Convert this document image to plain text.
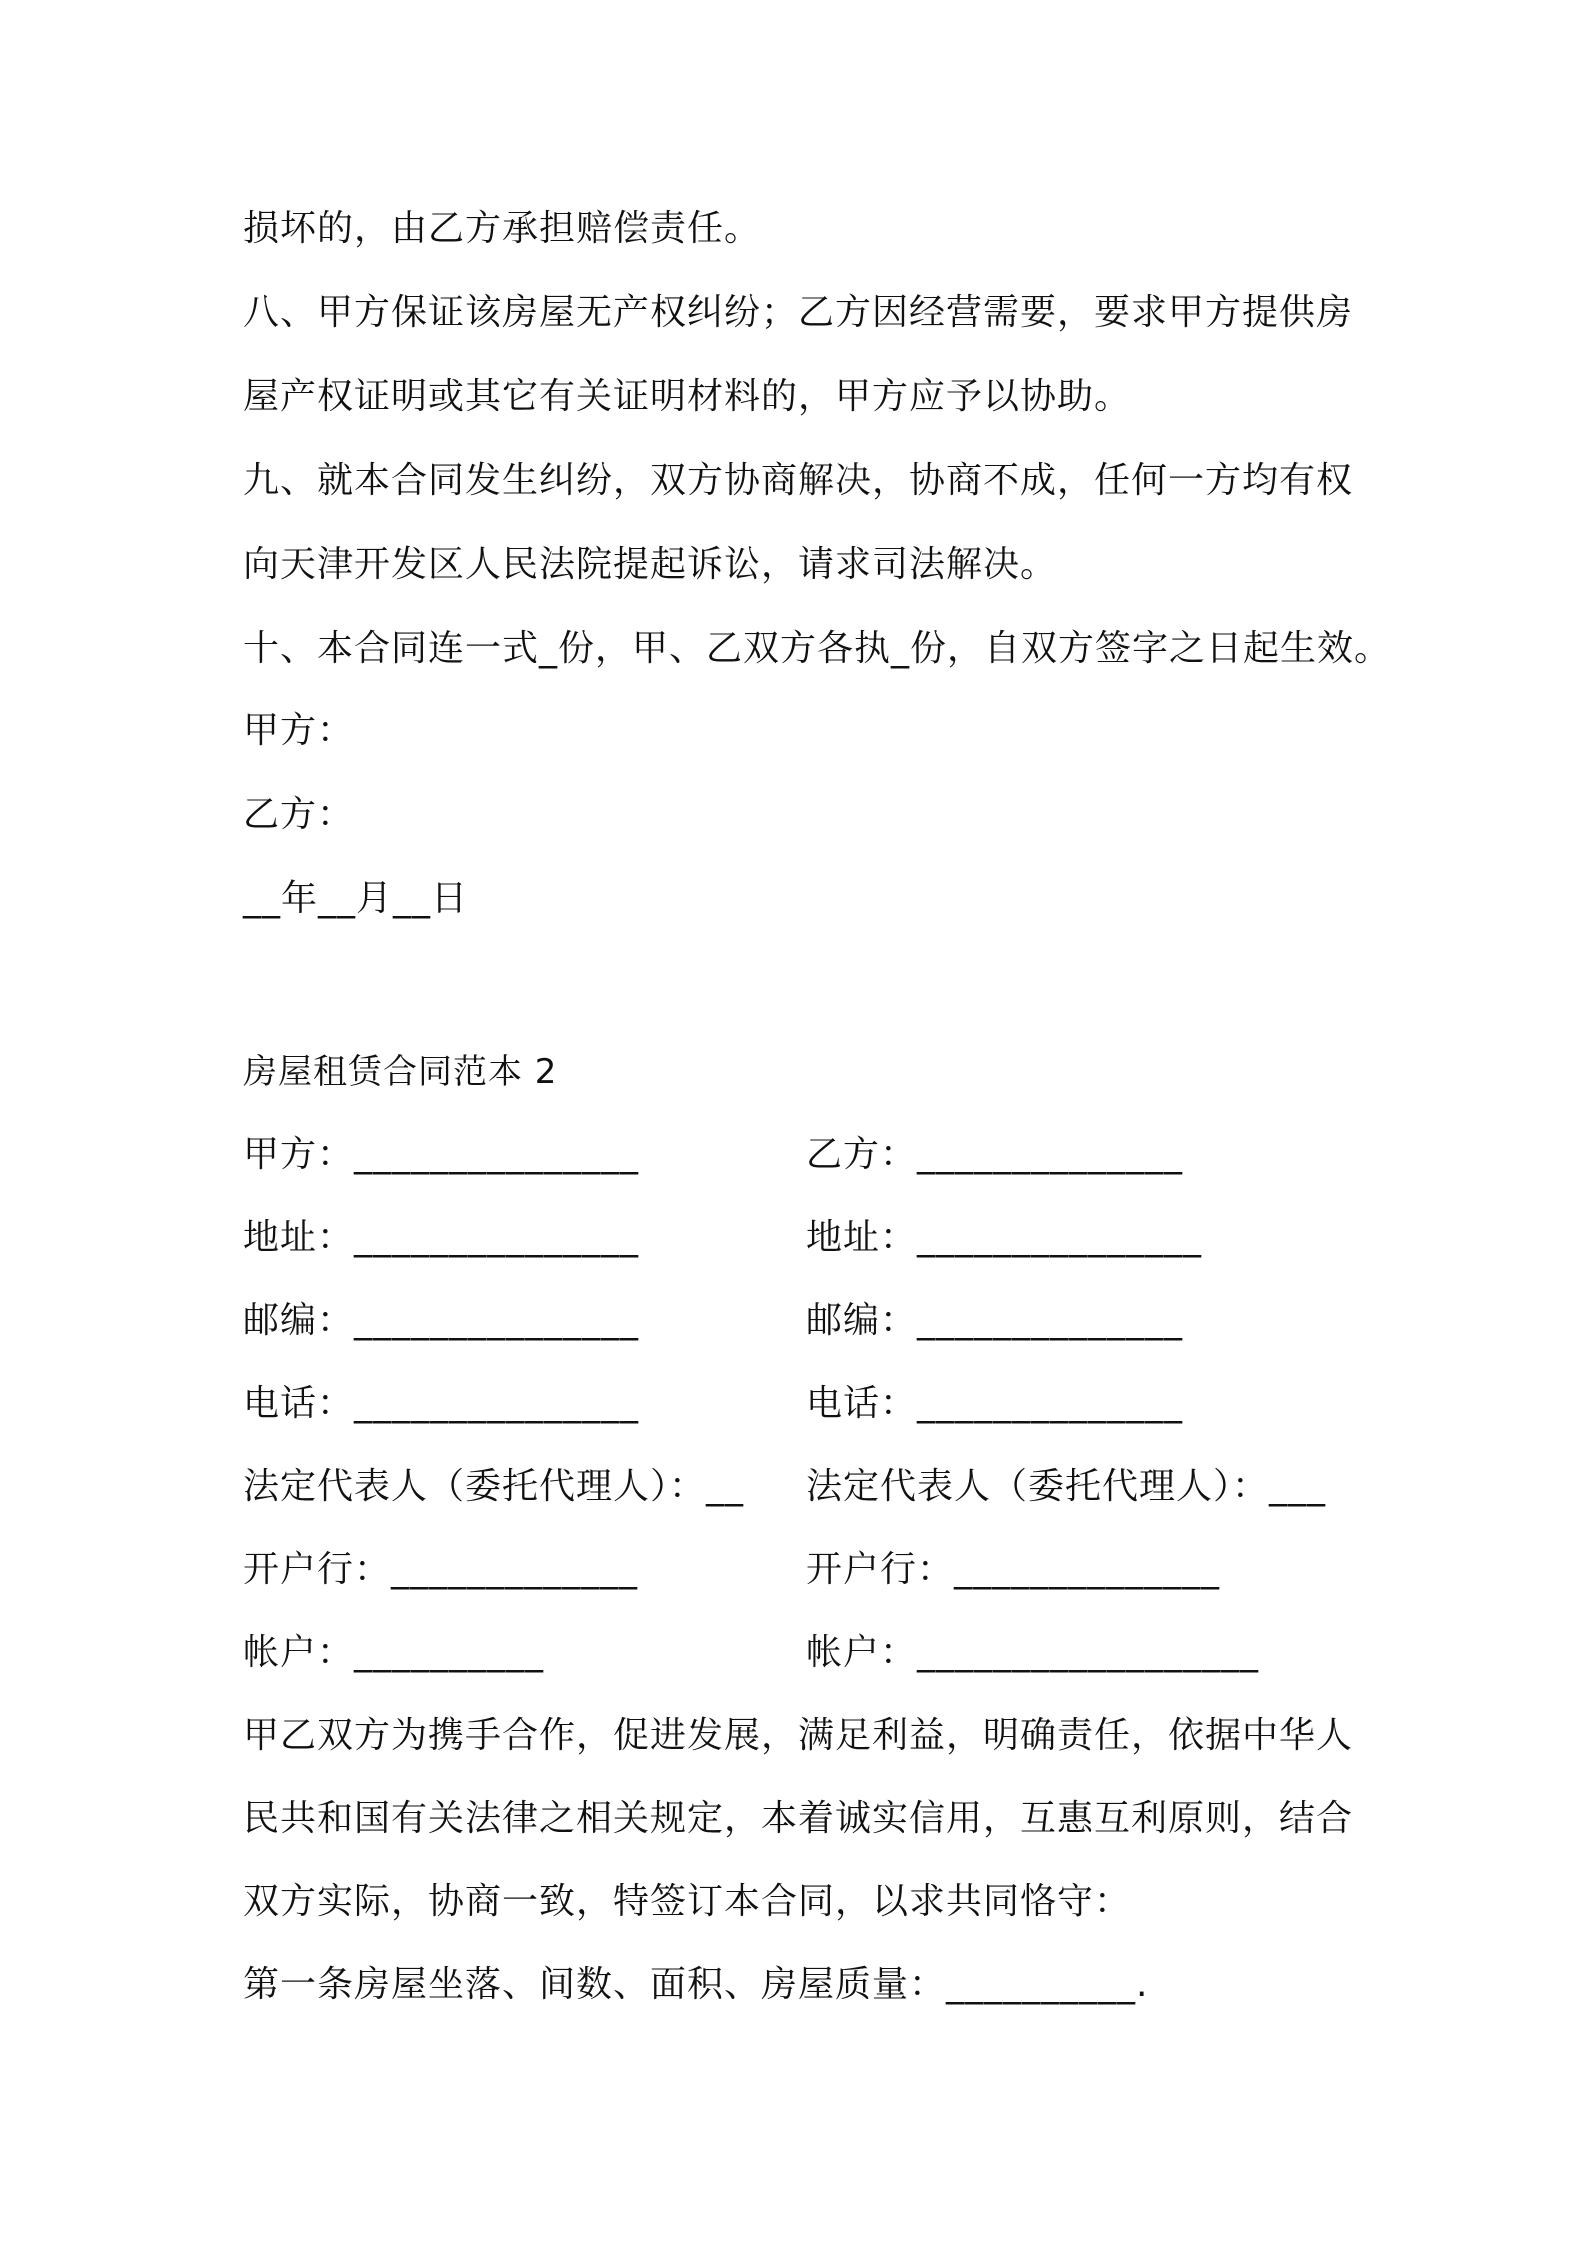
损坏的，由乙方承担赔偿责任。
八、甲方保证该房屋无产权纠纷；乙方因经营需要，要求甲方提供房
屋产权证明或其它有关证明材料的，甲方应予以协助。
九、就本合同发生纠纷，双方协商解决，协商不成，任何一方均有权
向天津开发区人民法院提起诉讼，请求司法解决。
十、本合同连一式_份，甲、乙双方各执_份，自双方签字之日起生效。
甲方：
乙方：
__年__月__日
房屋租赁合同范本 2
甲方：_______________	乙方：______________
地址：_______________	地址：_______________
邮编：_______________	邮编：______________
电话：_______________	电话：______________
法定代表人（委托代理人）：__ 法定代表人（委托代理人）：___
开户行：_____________	开户行：______________
帐户：__________	帐户：__________________
甲乙双方为携手合作，促进发展，满足利益，明确责任，依据中华人
民共和国有关法律之相关规定，本着诚实信用，互惠互利原则，结合
双方实际，协商一致，特签订本合同，以求共同恪守：
第一条房屋坐落、间数、面积、房屋质量：__________.
